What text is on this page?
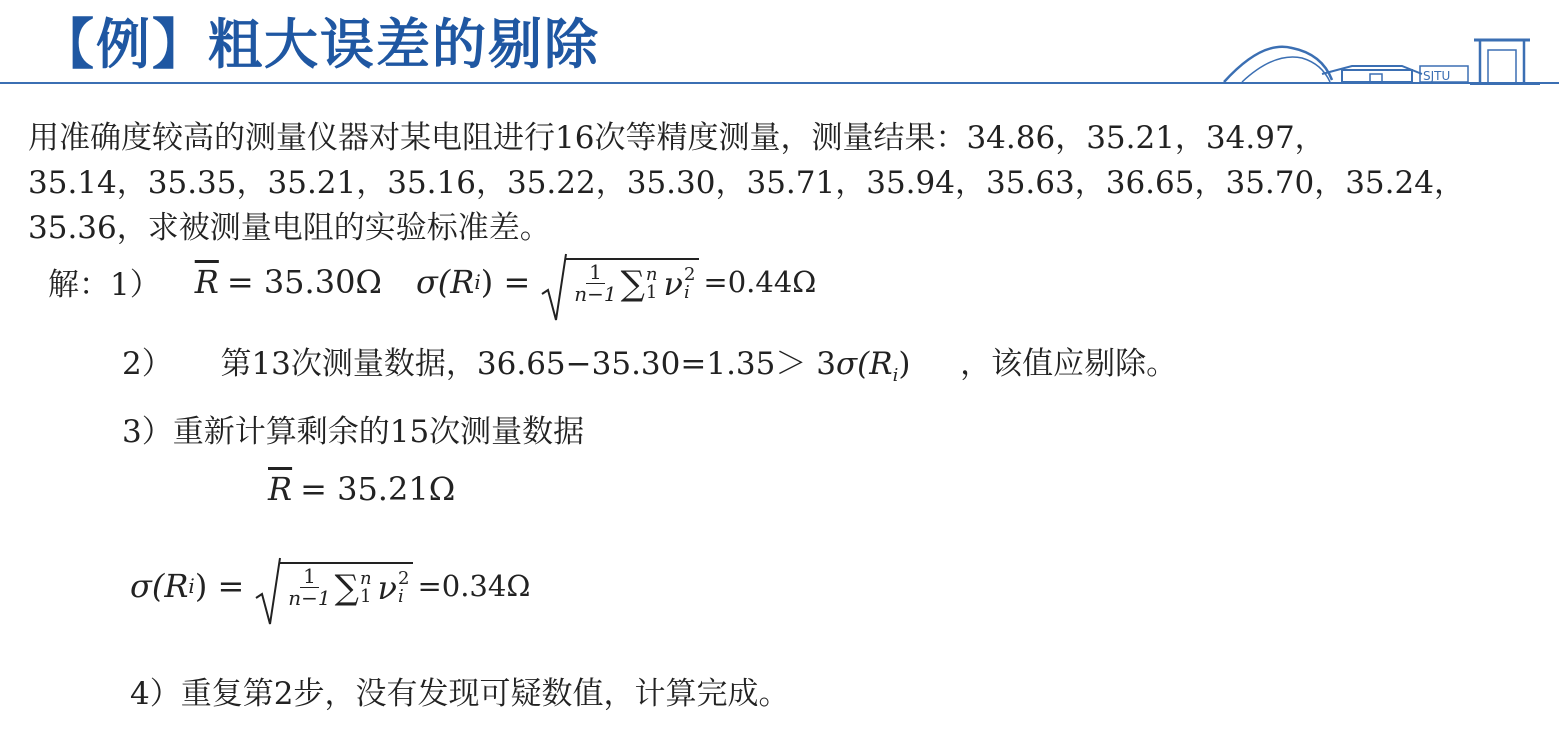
【例】粗大误差的剔除	SJTU
用准确度较高的测量仪器对某电阻进行16次等精度测量，测量结果：34.86，35.21，34.97，
35.14，35.35，35.21，35.16，35.22，35.30，35.71，35.94，35.63，36.65，35.70，35.24，
35.36，求被测量电阻的实验标准差。
解：1） $\overline{R} = 35.30\Omega$ σ(R i ) = $\frac{1}{n-1}$ ∑ n
1 ν 2
i =0.44Ω
2） 第13次测量数据，$36.65-35.30=1.35> 3\sigma(R_i)$ ，该值应剔除。
3）重新计算剩余的15次测量数据
$\overline{R} = 35.21\Omega$
σ(R i ) = $\frac{1}{n-1}$ ∑ n
1 ν 2
i =0.34Ω
4）重复第2步，没有发现可疑数值，计算完成。
